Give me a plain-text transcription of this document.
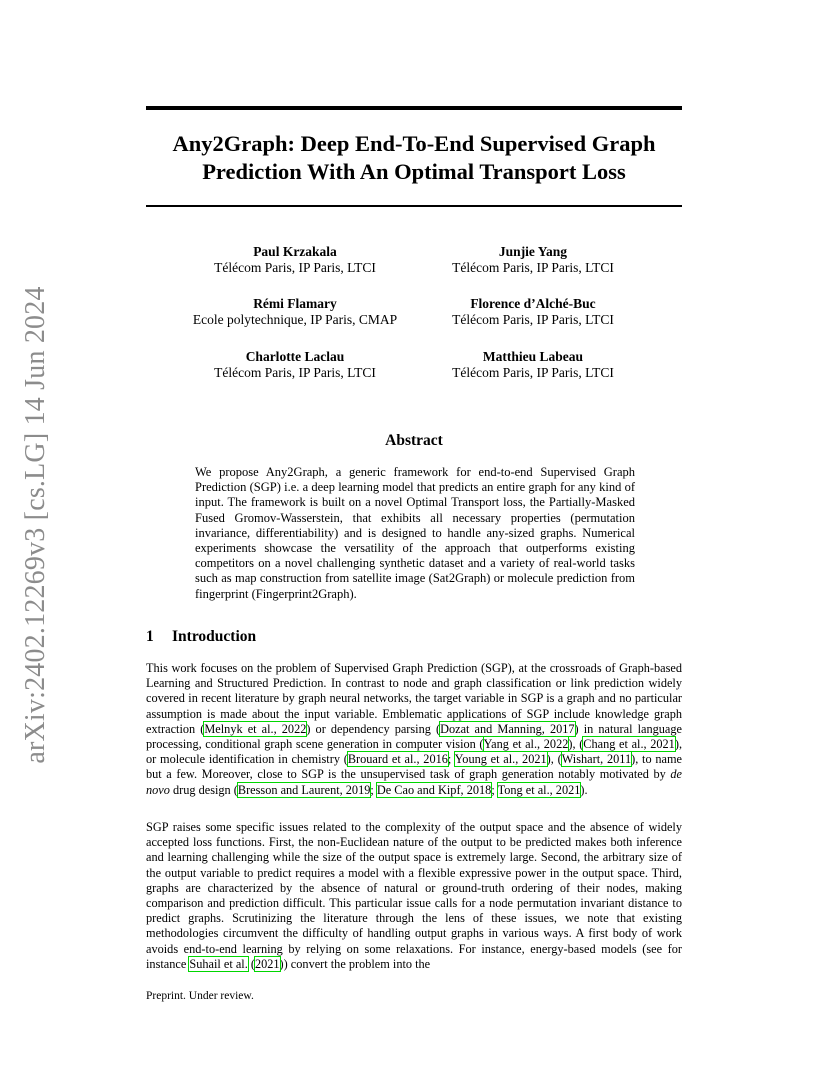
Any2Graph: Deep End-To-End Supervised Graph Prediction With An Optimal Transport Loss
arXiv:2402.12269v3 [cs.LG] 14 Jun 2024
Paul Krzakala
Télécom Paris, IP Paris, LTCI
Junjie Yang
Télécom Paris, IP Paris, LTCI
Rémi Flamary
Ecole polytechnique, IP Paris, CMAP
Florence d’Alché-Buc
Télécom Paris, IP Paris, LTCI
Charlotte Laclau
Télécom Paris, IP Paris, LTCI
Matthieu Labeau
Télécom Paris, IP Paris, LTCI
Abstract
We propose Any2Graph, a generic framework for end-to-end Supervised Graph Prediction (SGP) i.e. a deep learning model that predicts an entire graph for any kind of input. The framework is built on a novel Optimal Transport loss, the Partially-Masked Fused Gromov-Wasserstein, that exhibits all necessary properties (permutation invariance, differentiability) and is designed to handle any-sized graphs. Numerical experiments showcase the versatility of the approach that outperforms existing competitors on a novel challenging synthetic dataset and a variety of real-world tasks such as map construction from satellite image (Sat2Graph) or molecule prediction from fingerprint (Fingerprint2Graph).
1 Introduction
This work focuses on the problem of Supervised Graph Prediction (SGP), at the crossroads of Graph-based Learning and Structured Prediction. In contrast to node and graph classification or link prediction widely covered in recent literature by graph neural networks, the target variable in SGP is a graph and no particular assumption is made about the input variable. Emblematic applications of SGP include knowledge graph extraction (Melnyk et al., 2022) or dependency parsing (Dozat and Manning, 2017) in natural language processing, conditional graph scene generation in computer vision (Yang et al., 2022), (Chang et al., 2021), or molecule identification in chemistry (Brouard et al., 2016; Young et al., 2021), (Wishart, 2011), to name but a few. Moreover, close to SGP is the unsupervised task of graph generation notably motivated by de novo drug design (Bresson and Laurent, 2019; De Cao and Kipf, 2018; Tong et al., 2021).
SGP raises some specific issues related to the complexity of the output space and the absence of widely accepted loss functions. First, the non-Euclidean nature of the output to be predicted makes both inference and learning challenging while the size of the output space is extremely large. Second, the arbitrary size of the output variable to predict requires a model with a flexible expressive power in the output space. Third, graphs are characterized by the absence of natural or ground-truth ordering of their nodes, making comparison and prediction difficult. This particular issue calls for a node permutation invariant distance to predict graphs. Scrutinizing the literature through the lens of these issues, we note that existing methodologies circumvent the difficulty of handling output graphs in various ways. A first body of work avoids end-to-end learning by relying on some relaxations. For instance, energy-based models (see for instance Suhail et al. (2021)) convert the problem into the
Preprint. Under review.
